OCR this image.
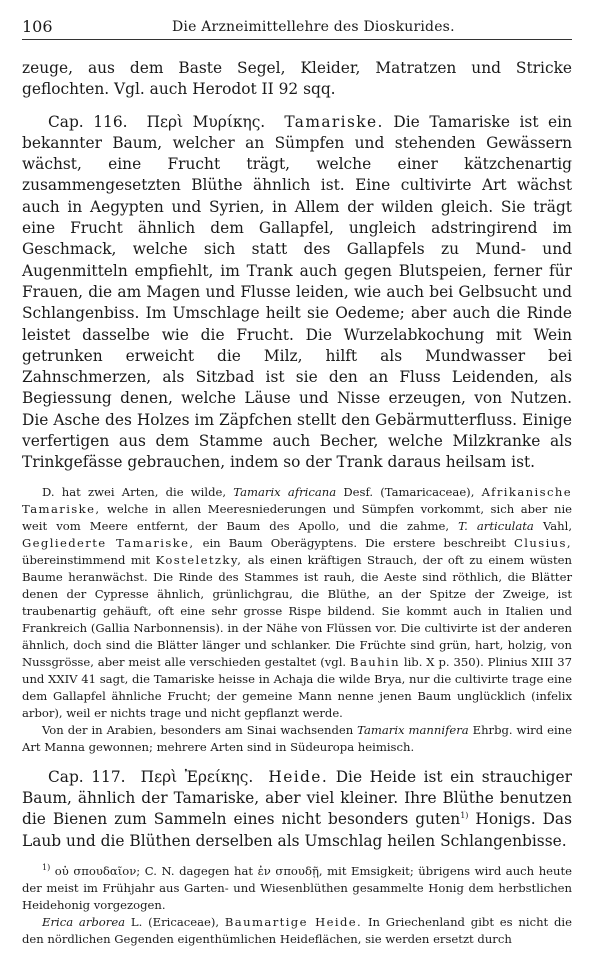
106	Die Arzneimittellehre des Dioskurides.

zeuge, aus dem Baste Segel, Kleider, Matratzen und Stricke geflochten. Vgl. auch Herodot II 92 sqq.

Cap. 116. Περὶ Μυρίκης. Tamariske. Die Tamariske ist ein bekannter Baum, welcher an Sümpfen und stehenden Gewässern wächst, eine Frucht trägt, welche einer kätzchenartig zusammengesetzten Blüthe ähnlich ist. Eine cultivirte Art wächst auch in Aegypten und Syrien, in Allem der wilden gleich. Sie trägt eine Frucht ähnlich dem Gallapfel, ungleich adstringirend im Geschmack, welche sich statt des Gallapfels zu Mund- und Augenmitteln empfiehlt, im Trank auch gegen Blutspeien, ferner für Frauen, die am Magen und Flusse leiden, wie auch bei Gelbsucht und Schlangenbiss. Im Umschlage heilt sie Oedeme; aber auch die Rinde leistet dasselbe wie die Frucht. Die Wurzelabkochung mit Wein getrunken erweicht die Milz, hilft als Mundwasser bei Zahnschmerzen, als Sitzbad ist sie den an Fluss Leidenden, als Begiessung denen, welche Läuse und Nisse erzeugen, von Nutzen. Die Asche des Holzes im Zäpfchen stellt den Gebärmutterfluss. Einige verfertigen aus dem Stamme auch Becher, welche Milzkranke als Trinkgefässe gebrauchen, indem so der Trank daraus heilsam ist.

D. hat zwei Arten, die wilde, Tamarix africana Desf. (Tamaricaceae), Afrikanische Tamariske, welche in allen Meeresniederungen und Sümpfen vorkommt, sich aber nie weit vom Meere entfernt, der Baum des Apollo, und die zahme, T. articulata Vahl, Gegliederte Tamariske, ein Baum Oberägyptens. Die erstere beschreibt Clusius, übereinstimmend mit Kosteletzky, als einen kräftigen Strauch, der oft zu einem wüsten Baume heranwächst. Die Rinde des Stammes ist rauh, die Aeste sind röthlich, die Blätter denen der Cypresse ähnlich, grünlichgrau, die Blüthe, an der Spitze der Zweige, ist traubenartig gehäuft, oft eine sehr grosse Rispe bildend. Sie kommt auch in Italien und Frankreich (Gallia Narbonnensis). in der Nähe von Flüssen vor. Die cultivirte ist der anderen ähnlich, doch sind die Blätter länger und schlanker. Die Früchte sind grün, hart, holzig, von Nussgrösse, aber meist alle verschieden gestaltet (vgl. Bauhin lib. X p. 350). Plinius XIII 37 und XXIV 41 sagt, die Tamariske heisse in Achaja die wilde Brya, nur die cultivirte trage eine dem Gallapfel ähnliche Frucht; der gemeine Mann nenne jenen Baum unglücklich (infelix arbor), weil er nichts trage und nicht gepflanzt werde.

Von der in Arabien, besonders am Sinai wachsenden Tamarix mannifera Ehrbg. wird eine Art Manna gewonnen; mehrere Arten sind in Südeuropa heimisch.

Cap. 117. Περὶ Ἐρείκης. Heide. Die Heide ist ein strauchiger Baum, ähnlich der Tamariske, aber viel kleiner. Ihre Blüthe benutzen die Bienen zum Sammeln eines nicht besonders guten$^{1)}$ Honigs. Das Laub und die Blüthen derselben als Umschlag heilen Schlangenbisse.

$^{1)}$ οὐ σπουδαῖον; C. N. dagegen hat ἐν σπουδῇ, mit Emsigkeit; übrigens wird auch heute der meist im Frühjahr aus Garten- und Wiesenblüthen gesammelte Honig dem herbstlichen Heidehonig vorgezogen.

Erica arborea L. (Ericaceae), Baumartige Heide. In Griechenland gibt es nicht die den nördlichen Gegenden eigenthümlichen Heideflächen, sie werden ersetzt durch
